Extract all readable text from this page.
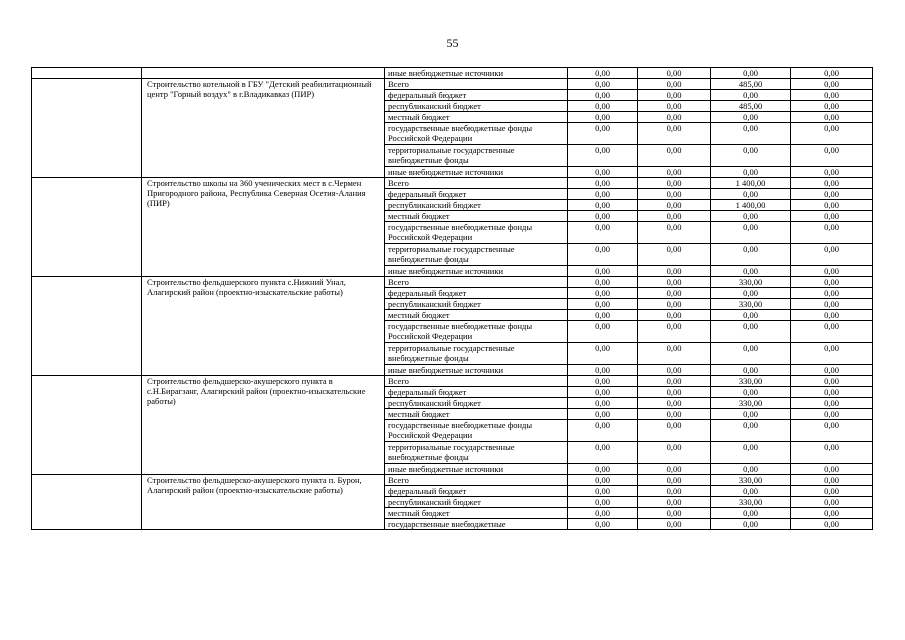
55
		иные внебюджетные источники	0,00	0,00	0,00	0,00
	Строительство котельной в ГБУ "Детский реабилитационный центр "Горный воздух" в г.Владикавказ (ПИР)	Всего	0,00	0,00	485,00	0,00
		федеральный бюджет	0,00	0,00	0,00	0,00
		республиканский бюджет	0,00	0,00	485,00	0,00
		местный бюджет	0,00	0,00	0,00	0,00
		государственные внебюджетные фонды Российской Федерации	0,00	0,00	0,00	0,00
		территориальные государственные внебюджетные фонды	0,00	0,00	0,00	0,00
		иные внебюджетные источники	0,00	0,00	0,00	0,00
	Строительство школы на 360 ученических мест в с.Чермен Пригородного района, Республика Северная Осетия-Алания (ПИР)	Всего	0,00	0,00	1 400,00	0,00
		федеральный бюджет	0,00	0,00	0,00	0,00
		республиканский бюджет	0,00	0,00	1 400,00	0,00
		местный бюджет	0,00	0,00	0,00	0,00
		государственные внебюджетные фонды Российской Федерации	0,00	0,00	0,00	0,00
		территориальные государственные внебюджетные фонды	0,00	0,00	0,00	0,00
		иные внебюджетные источники	0,00	0,00	0,00	0,00
	Строительство фельдшерского пункта с.Нижний Унал, Алагирский район (проектно-изыскательские работы)	Всего	0,00	0,00	330,00	0,00
		федеральный бюджет	0,00	0,00	0,00	0,00
		республиканский бюджет	0,00	0,00	330,00	0,00
		местный бюджет	0,00	0,00	0,00	0,00
		государственные внебюджетные фонды Российской Федерации	0,00	0,00	0,00	0,00
		территориальные государственные внебюджетные фонды	0,00	0,00	0,00	0,00
		иные внебюджетные источники	0,00	0,00	0,00	0,00
	Строительство фельдшерско-акушерского пункта в с.Н.Бирагзанг, Алагирский район (проектно-изыскательские работы)	Всего	0,00	0,00	330,00	0,00
		федеральный бюджет	0,00	0,00	0,00	0,00
		республиканский бюджет	0,00	0,00	330,00	0,00
		местный бюджет	0,00	0,00	0,00	0,00
		государственные внебюджетные фонды Российской Федерации	0,00	0,00	0,00	0,00
		территориальные государственные внебюджетные фонды	0,00	0,00	0,00	0,00
		иные внебюджетные источники	0,00	0,00	0,00	0,00
	Строительство фельдшерско-акушерского пункта п. Бурон, Алагирский район (проектно-изыскательские работы)	Всего	0,00	0,00	330,00	0,00
		федеральный бюджет	0,00	0,00	0,00	0,00
		республиканский бюджет	0,00	0,00	330,00	0,00
		местный бюджет	0,00	0,00	0,00	0,00
		государственные внебюджетные	0,00	0,00	0,00	0,00
